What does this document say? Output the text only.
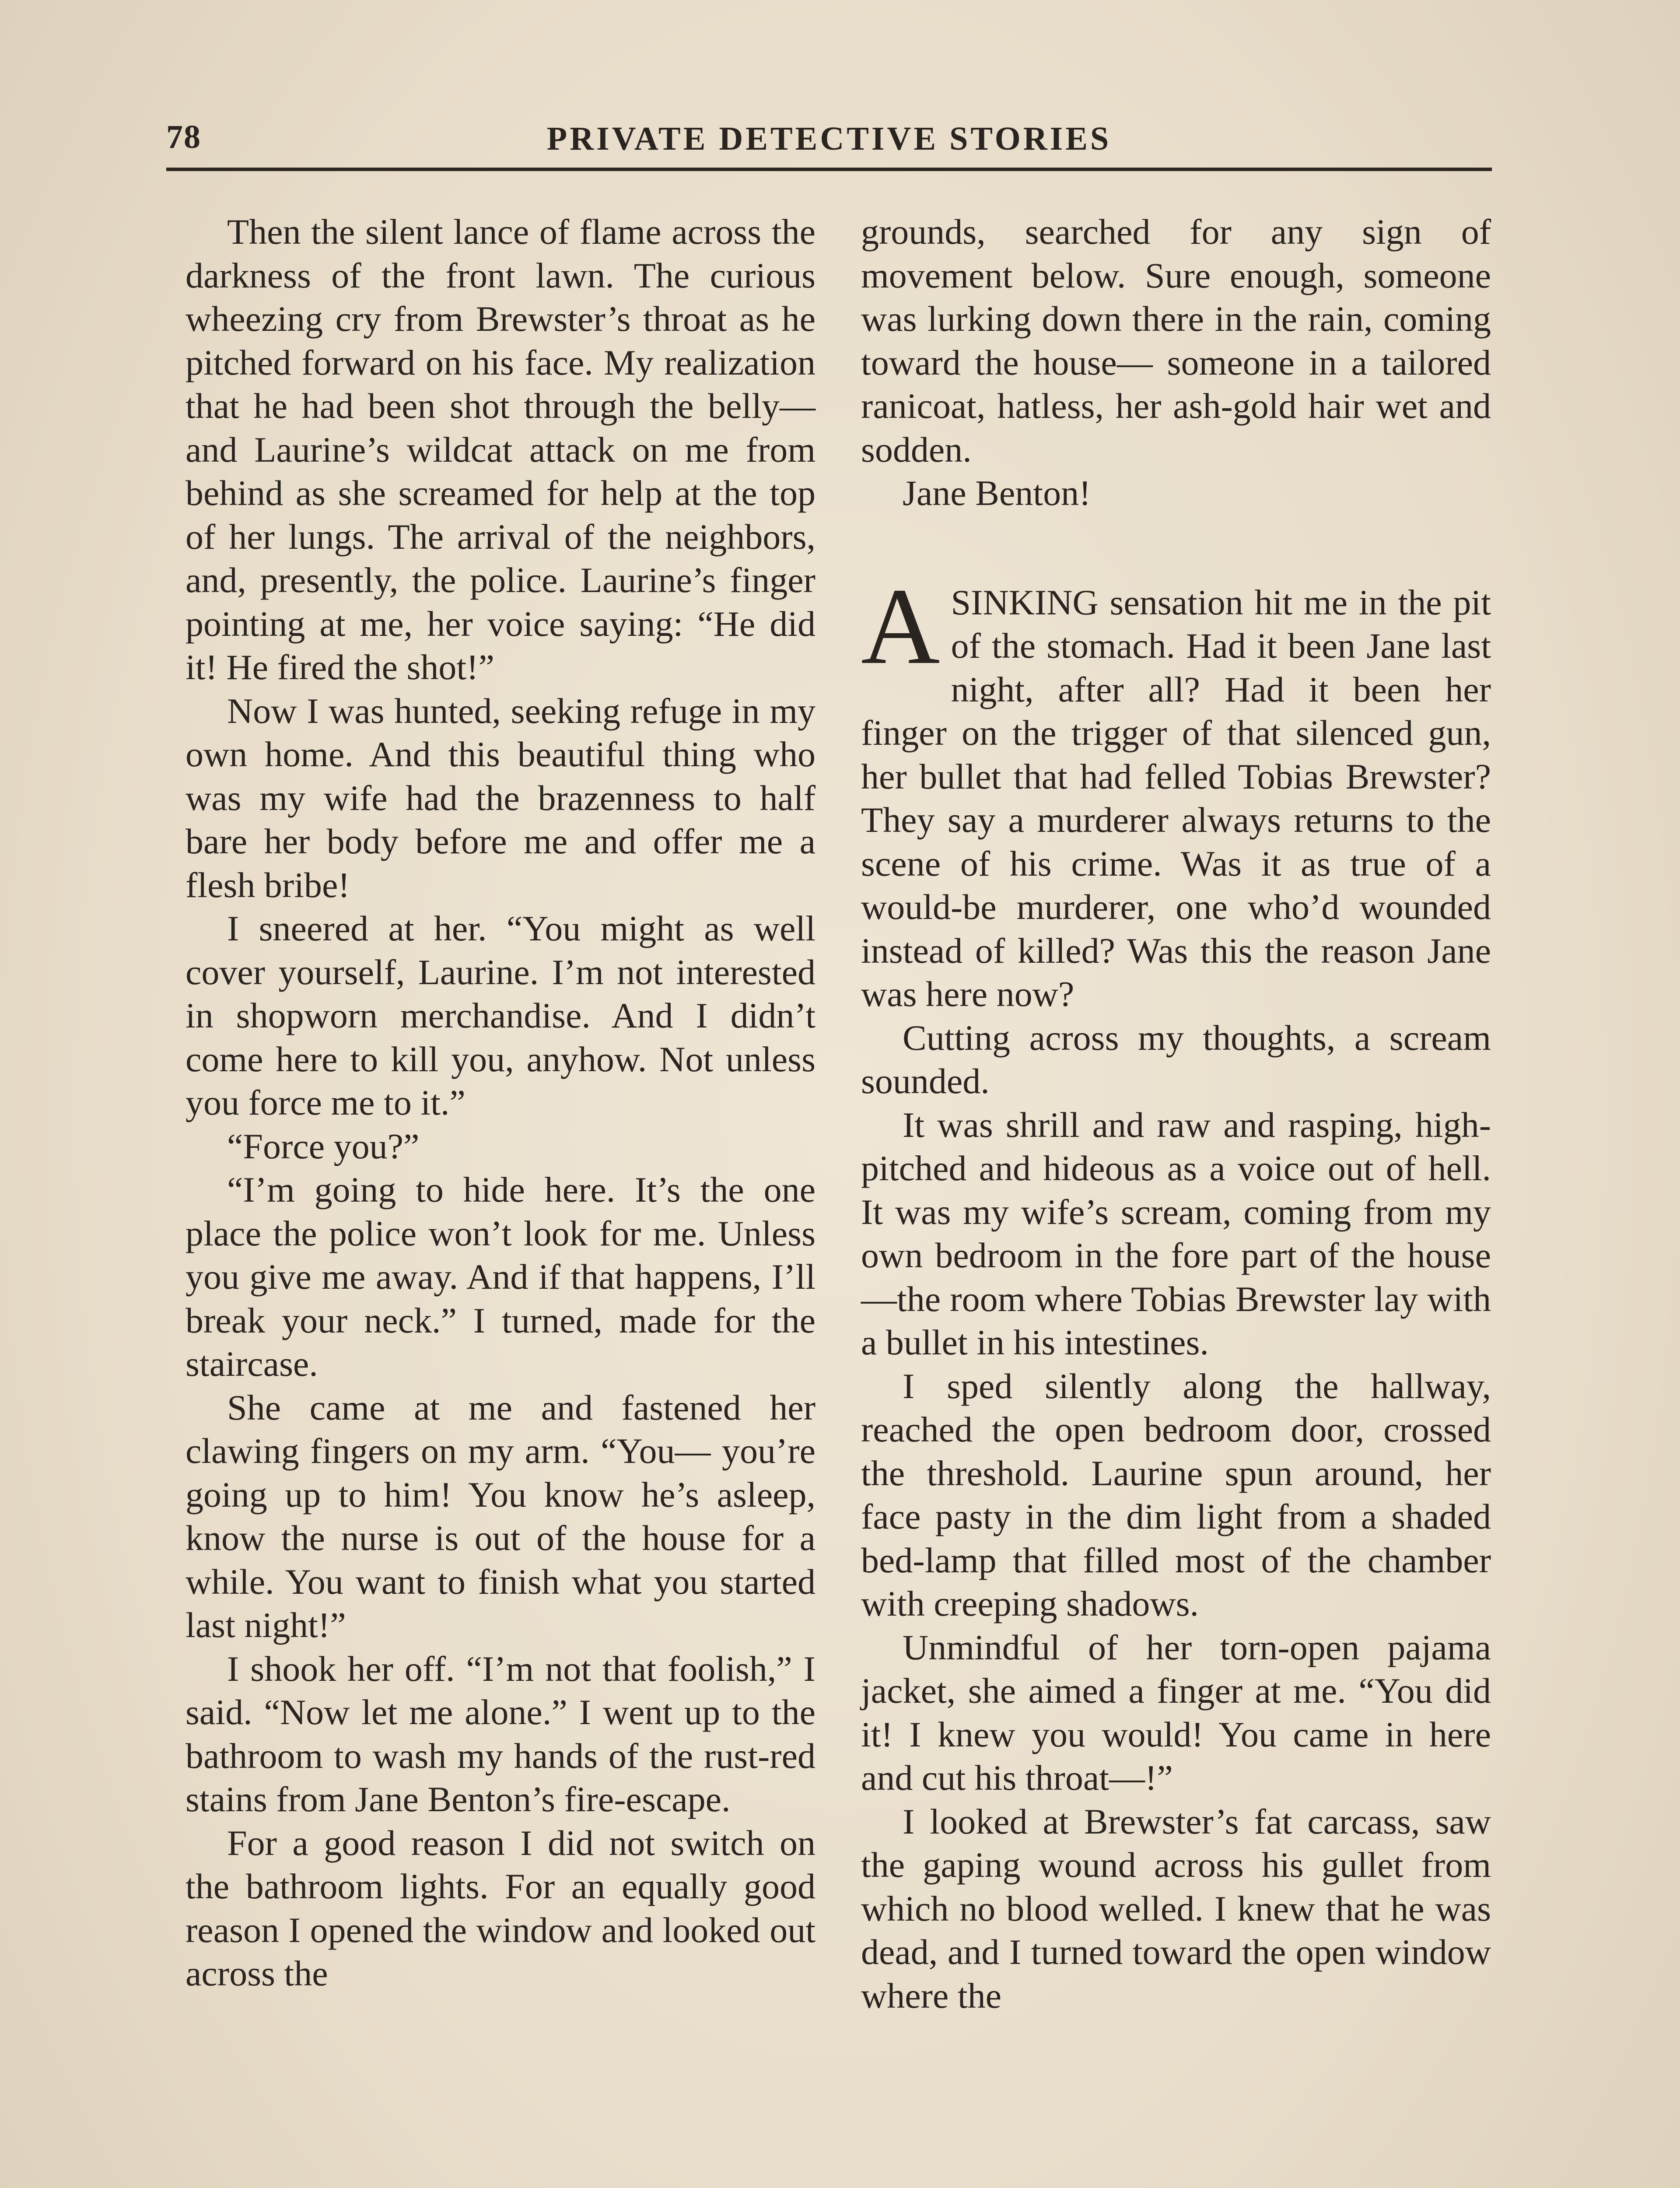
78	PRIVATE DETECTIVE STORIES

Then the silent lance of flame across the darkness of the front lawn. The curious wheezing cry from Brewster’s throat as he pitched forward on his face. My realization that he had been shot through the belly—and Laurine’s wildcat attack on me from behind as she screamed for help at the top of her lungs. The arrival of the neighbors, and, presently, the police. Laurine’s finger pointing at me, her voice saying: “He did it! He fired the shot!”

Now I was hunted, seeking refuge in my own home. And this beautiful thing who was my wife had the brazenness to half bare her body before me and offer me a flesh bribe!

I sneered at her. “You might as well cover yourself, Laurine. I’m not interested in shopworn merchandise. And I didn’t come here to kill you, anyhow. Not unless you force me to it.”

“Force you?”

“I’m going to hide here. It’s the one place the police won’t look for me. Unless you give me away. And if that happens, I’ll break your neck.” I turned, made for the staircase.

She came at me and fastened her clawing fingers on my arm. “You— you’re going up to him! You know he’s asleep, know the nurse is out of the house for a while. You want to finish what you started last night!”

I shook her off. “I’m not that foolish,” I said. “Now let me alone.” I went up to the bathroom to wash my hands of the rust-red stains from Jane Benton’s fire-escape.

For a good reason I did not switch on the bathroom lights. For an equally good reason I opened the window and looked out across the

grounds, searched for any sign of movement below. Sure enough, someone was lurking down there in the rain, coming toward the house— someone in a tailored ranicoat, hatless, her ash-gold hair wet and sodden.

Jane Benton!

ASINKING sensation hit me in the pit of the stomach. Had it been Jane last night, after all? Had it been her finger on the trigger of that silenced gun, her bullet that had felled Tobias Brewster? They say a murderer always returns to the scene of his crime. Was it as true of a would-be murderer, one who’d wounded instead of killed? Was this the reason Jane was here now?

Cutting across my thoughts, a scream sounded.

It was shrill and raw and rasping, high-pitched and hideous as a voice out of hell. It was my wife’s scream, coming from my own bedroom in the fore part of the house—the room where Tobias Brewster lay with a bullet in his intestines.

I sped silently along the hallway, reached the open bedroom door, crossed the threshold. Laurine spun around, her face pasty in the dim light from a shaded bed-lamp that filled most of the chamber with creeping shadows.

Unmindful of her torn-open pajama jacket, she aimed a finger at me. “You did it! I knew you would! You came in here and cut his throat—!”

I looked at Brewster’s fat carcass, saw the gaping wound across his gullet from which no blood welled. I knew that he was dead, and I turned toward the open window where the
